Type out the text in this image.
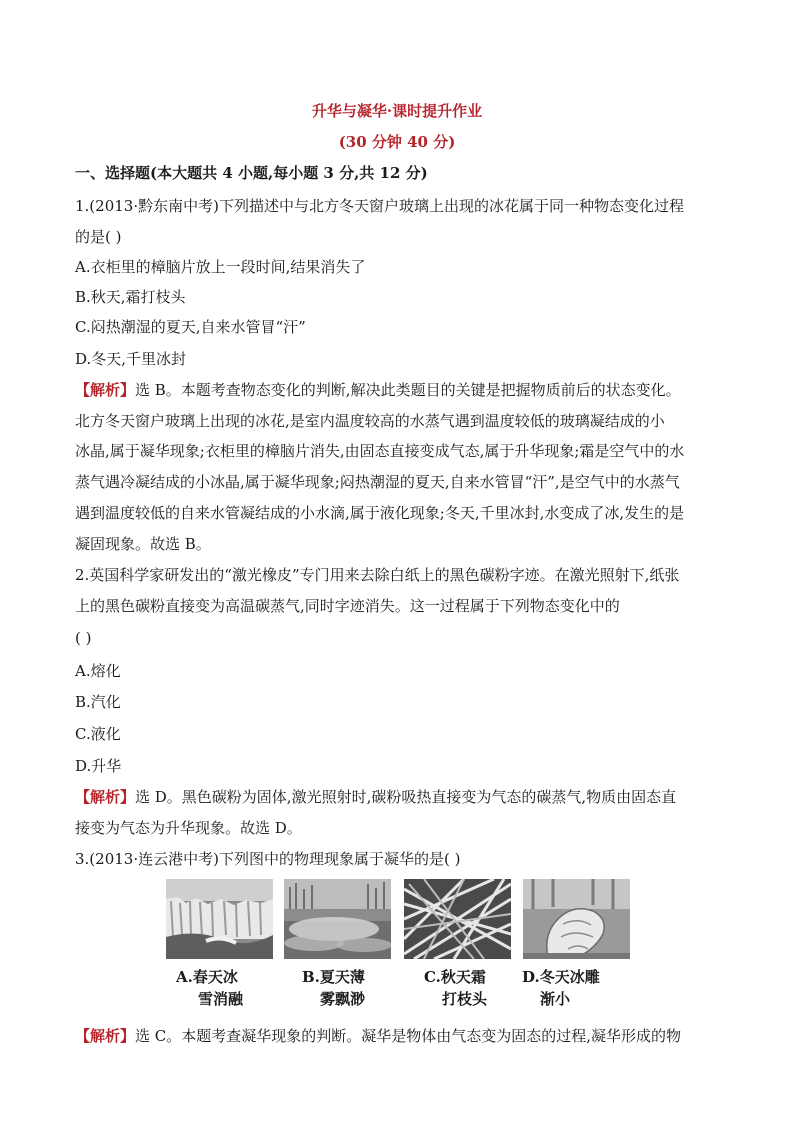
升华与凝华·课时提升作业
(30 分钟 40 分)
一、选择题(本大题共 4 小题,每小题 3 分,共 12 分)
1.(2013·黔东南中考)下列描述中与北方冬天窗户玻璃上出现的冰花属于同一种物态变化过程
的是( )
A.衣柜里的樟脑片放上一段时间,结果消失了
B.秋天,霜打枝头
C.闷热潮湿的夏天,自来水管冒“汗”
D.冬天,千里冰封
【解析】选 B。本题考查物态变化的判断,解决此类题目的关键是把握物质前后的状态变化。
北方冬天窗户玻璃上出现的冰花,是室内温度较高的水蒸气遇到温度较低的玻璃凝结成的小
冰晶,属于凝华现象;衣柜里的樟脑片消失,由固态直接变成气态,属于升华现象;霜是空气中的水
蒸气遇冷凝结成的小冰晶,属于凝华现象;闷热潮湿的夏天,自来水管冒“汗”,是空气中的水蒸气
遇到温度较低的自来水管凝结成的小水滴,属于液化现象;冬天,千里冰封,水变成了冰,发生的是
凝固现象。故选 B。
2.英国科学家研发出的“激光橡皮”专门用来去除白纸上的黑色碳粉字迹。在激光照射下,纸张
上的黑色碳粉直接变为高温碳蒸气,同时字迹消失。这一过程属于下列物态变化中的
( )
A.熔化
B.汽化
C.液化
D.升华
【解析】选 D。黑色碳粉为固体,激光照射时,碳粉吸热直接变为气态的碳蒸气,物质由固态直
接变为气态为升华现象。故选 D。
3.(2013·连云港中考)下列图中的物理现象属于凝华的是( )
A.春天冰
雪消融
B.夏天薄
雾飘渺
C.秋天霜
打枝头
D.冬天冰雕
渐小
【解析】选 C。本题考查凝华现象的判断。凝华是物体由气态变为固态的过程,凝华形成的物
